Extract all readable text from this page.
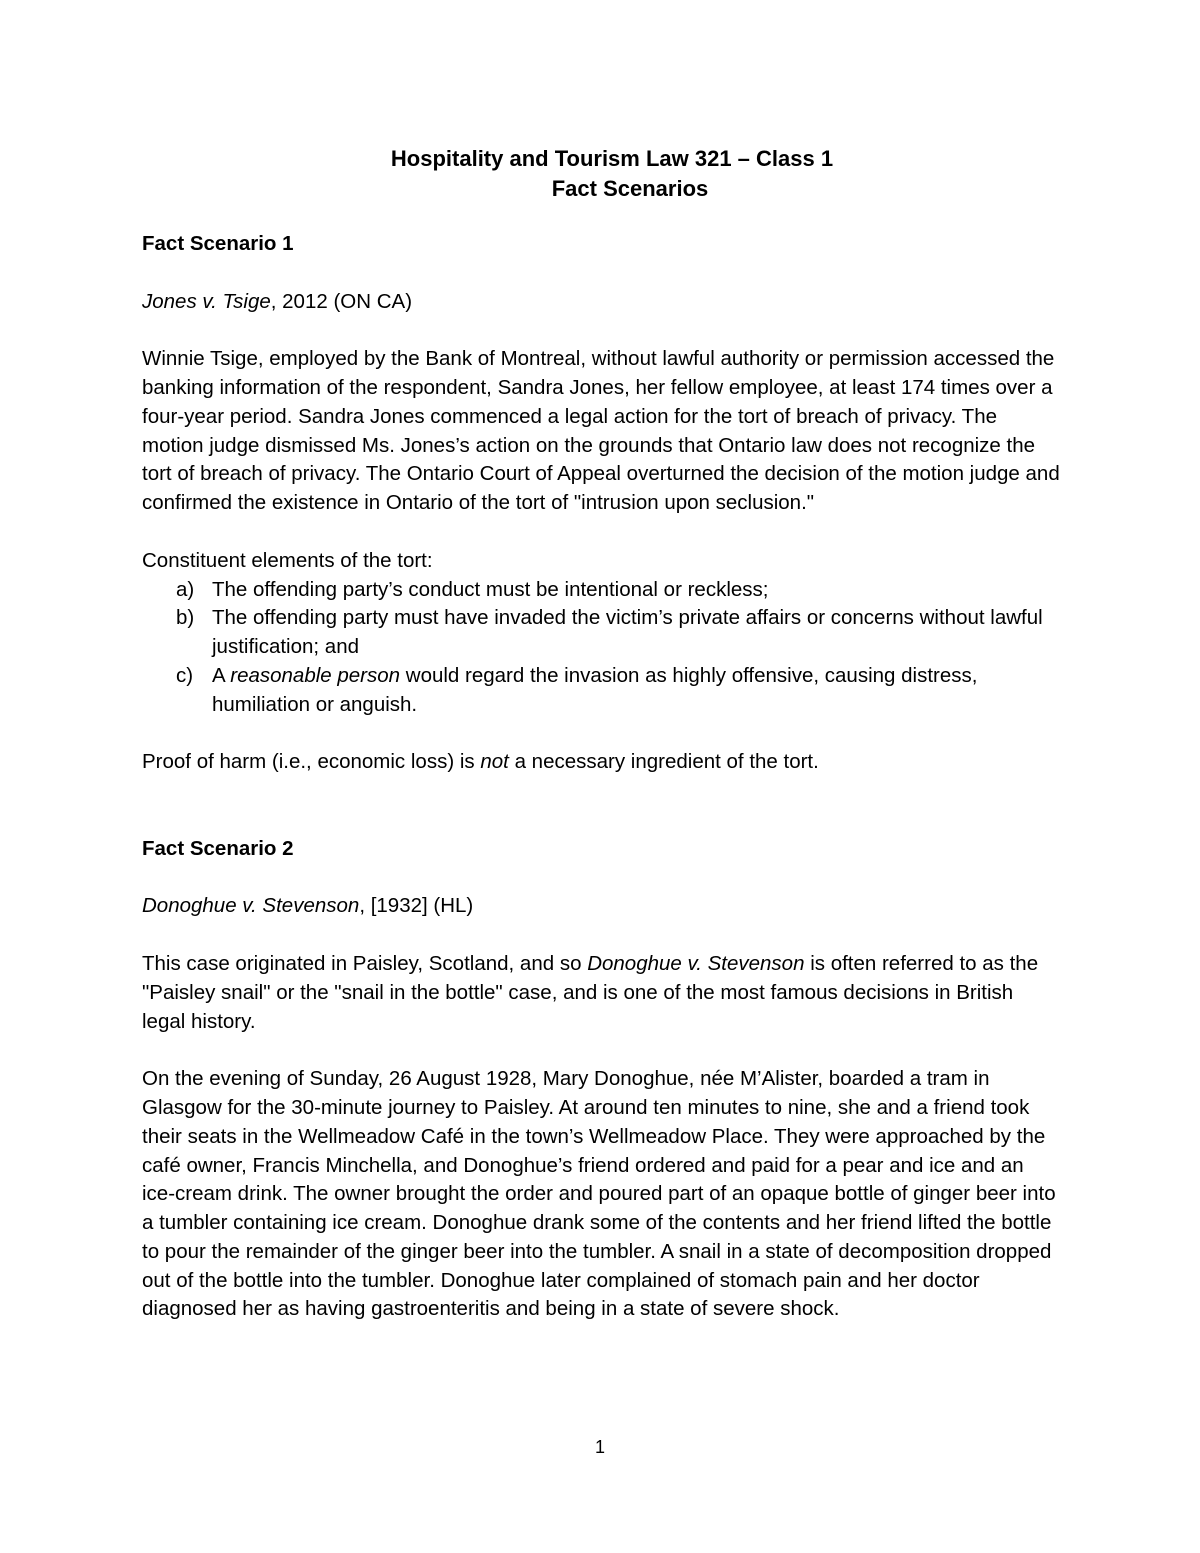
Hospitality and Tourism Law 321 – Class 1

Fact Scenarios

Fact Scenario 1

Jones v. Tsige, 2012 (ON CA)

Winnie Tsige, employed by the Bank of Montreal, without lawful authority or permission accessed the banking information of the respondent, Sandra Jones, her fellow employee, at least 174 times over a four-year period. Sandra Jones commenced a legal action for the tort of breach of privacy. The motion judge dismissed Ms. Jones’s action on the grounds that Ontario law does not recognize the tort of breach of privacy. The Ontario Court of Appeal overturned the decision of the motion judge and confirmed the existence in Ontario of the tort of "intrusion upon seclusion."

Constituent elements of the tort:

a) The offending party’s conduct must be intentional or reckless;
b) The offending party must have invaded the victim’s private affairs or concerns without lawful justification; and
c) A reasonable person would regard the invasion as highly offensive, causing distress, humiliation or anguish.

Proof of harm (i.e., economic loss) is not a necessary ingredient of the tort.

Fact Scenario 2

Donoghue v. Stevenson, [1932] (HL)

This case originated in Paisley, Scotland, and so Donoghue v. Stevenson is often referred to as the "Paisley snail" or the "snail in the bottle" case, and is one of the most famous decisions in British legal history.

On the evening of Sunday, 26 August 1928, Mary Donoghue, née M’Alister, boarded a tram in Glasgow for the 30-minute journey to Paisley. At around ten minutes to nine, she and a friend took their seats in the Wellmeadow Café in the town’s Wellmeadow Place. They were approached by the café owner, Francis Minchella, and Donoghue’s friend ordered and paid for a pear and ice and an ice-cream drink. The owner brought the order and poured part of an opaque bottle of ginger beer into a tumbler containing ice cream. Donoghue drank some of the contents and her friend lifted the bottle to pour the remainder of the ginger beer into the tumbler. A snail in a state of decomposition dropped out of the bottle into the tumbler. Donoghue later complained of stomach pain and her doctor diagnosed her as having gastroenteritis and being in a state of severe shock.

1
